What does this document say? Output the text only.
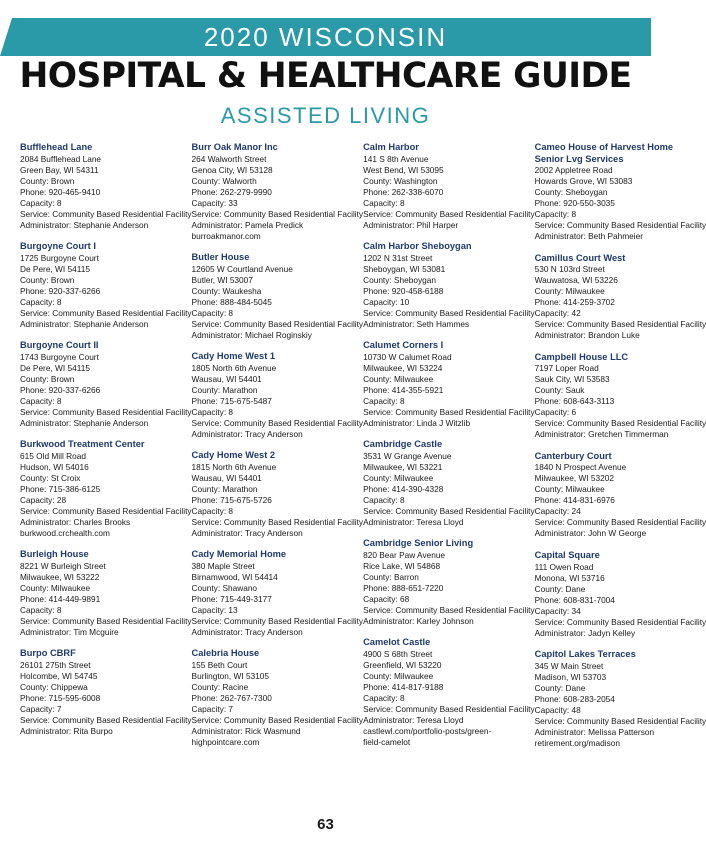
2020 WISCONSIN
HOSPITAL & HEALTHCARE GUIDE
ASSISTED LIVING
Bufflehead Lane
2084 Bufflehead Lane
Green Bay, WI 54311
County: Brown
Phone: 920-465-9410
Capacity: 8
Service: Community Based Residential Facility
Administrator: Stephanie Anderson
Burgoyne Court I
1725 Burgoyne Court
De Pere, WI 54115
County: Brown
Phone: 920-337-6266
Capacity: 8
Service: Community Based Residential Facility
Administrator: Stephanie Anderson
Burgoyne Court II
1743 Burgoyne Court
De Pere, WI 54115
County: Brown
Phone: 920-337-6266
Capacity: 8
Service: Community Based Residential Facility
Administrator: Stephanie Anderson
Burkwood Treatment Center
615 Old Mill Road
Hudson, WI 54016
County: St Croix
Phone: 715-386-6125
Capacity: 28
Service: Community Based Residential Facility
Administrator: Charles Brooks
burkwood.crchealth.com
Burleigh House
8221 W Burleigh Street
Milwaukee, WI 53222
County: Milwaukee
Phone: 414-449-9891
Capacity: 8
Service: Community Based Residential Facility
Administrator: Tim Mcguire
Burpo CBRF
26101 275th Street
Holcombe, WI 54745
County: Chippewa
Phone: 715-595-6008
Capacity: 7
Service: Community Based Residential Facility
Administrator: Rita Burpo
Burr Oak Manor Inc
264 Walworth Street
Genoa City, WI 53128
County: Walworth
Phone: 262-279-9990
Capacity: 33
Service: Community Based Residential Facility
Administrator: Pamela Predick
burroakmanor.com
Butler House
12605 W Courtland Avenue
Butler, WI 53007
County: Waukesha
Phone: 888-484-5045
Capacity: 8
Service: Community Based Residential Facility
Administrator: Michael Roginskiy
Cady Home West 1
1805 North 6th Avenue
Wausau, WI 54401
County: Marathon
Phone: 715-675-5487
Capacity: 8
Service: Community Based Residential Facility
Administrator: Tracy Anderson
Cady Home West 2
1815 North 6th Avenue
Wausau, WI 54401
County: Marathon
Phone: 715-675-5726
Capacity: 8
Service: Community Based Residential Facility
Administrator: Tracy Anderson
Cady Memorial Home
380 Maple Street
Birnamwood, WI 54414
County: Shawano
Phone: 715-449-3177
Capacity: 13
Service: Community Based Residential Facility
Administrator: Tracy Anderson
Calebria House
155 Beth Court
Burlington, WI 53105
County: Racine
Phone: 262-767-7300
Capacity: 7
Service: Community Based Residential Facility
Administrator: Rick Wasmund
highpointcare.com
Calm Harbor
141 S 8th Avenue
West Bend, WI 53095
County: Washington
Phone: 262-338-6070
Capacity: 8
Service: Community Based Residential Facility
Administrator: Phil Harper
Calm Harbor Sheboygan
1202 N 31st Street
Sheboygan, WI 53081
County: Sheboygan
Phone: 920-458-6188
Capacity: 10
Service: Community Based Residential Facility
Administrator: Seth Hammes
Calumet Corners I
10730 W Calumet Road
Milwaukee, WI 53224
County: Milwaukee
Phone: 414-355-5921
Capacity: 8
Service: Community Based Residential Facility
Administrator: Linda J Witzlib
Cambridge Castle
3531 W Grange Avenue
Milwaukee, WI 53221
County: Milwaukee
Phone: 414-390-4328
Capacity: 8
Service: Community Based Residential Facility
Administrator: Teresa Lloyd
Cambridge Senior Living
820 Bear Paw Avenue
Rice Lake, WI 54868
County: Barron
Phone: 888-651-7220
Capacity: 68
Service: Community Based Residential Facility
Administrator: Karley Johnson
Camelot Castle
4900 S 68th Street
Greenfield, WI 53220
County: Milwaukee
Phone: 414-817-9188
Capacity: 8
Service: Community Based Residential Facility
Administrator: Teresa Lloyd
castlewl.com/portfolio-posts/green-
field-camelot
Cameo House of Harvest Home
Senior Lvg Services
2002 Appletree Road
Howards Grove, WI 53083
County: Sheboygan
Phone: 920-550-3035
Capacity: 8
Service: Community Based Residential Facility
Administrator: Beth Pahmeier
Camillus Court West
530 N 103rd Street
Wauwatosa, WI 53226
County: Milwaukee
Phone: 414-259-3702
Capacity: 42
Service: Community Based Residential Facility
Administrator: Brandon Luke
Campbell House LLC
7197 Loper Road
Sauk City, WI 53583
County: Sauk
Phone: 608-643-3113
Capacity: 6
Service: Community Based Residential Facility
Administrator: Gretchen Timmerman
Canterbury Court
1840 N Prospect Avenue
Milwaukee, WI 53202
County: Milwaukee
Phone: 414-831-6976
Capacity: 24
Service: Community Based Residential Facility
Administrator: John W George
Capital Square
111 Owen Road
Monona, WI 53716
County: Dane
Phone: 608-831-7004
Capacity: 34
Service: Community Based Residential Facility
Administrator: Jadyn Kelley
Capitol Lakes Terraces
345 W Main Street
Madison, WI 53703
County: Dane
Phone: 608-283-2054
Capacity: 48
Service: Community Based Residential Facility
Administrator: Melissa Patterson
retirement.org/madison
63
